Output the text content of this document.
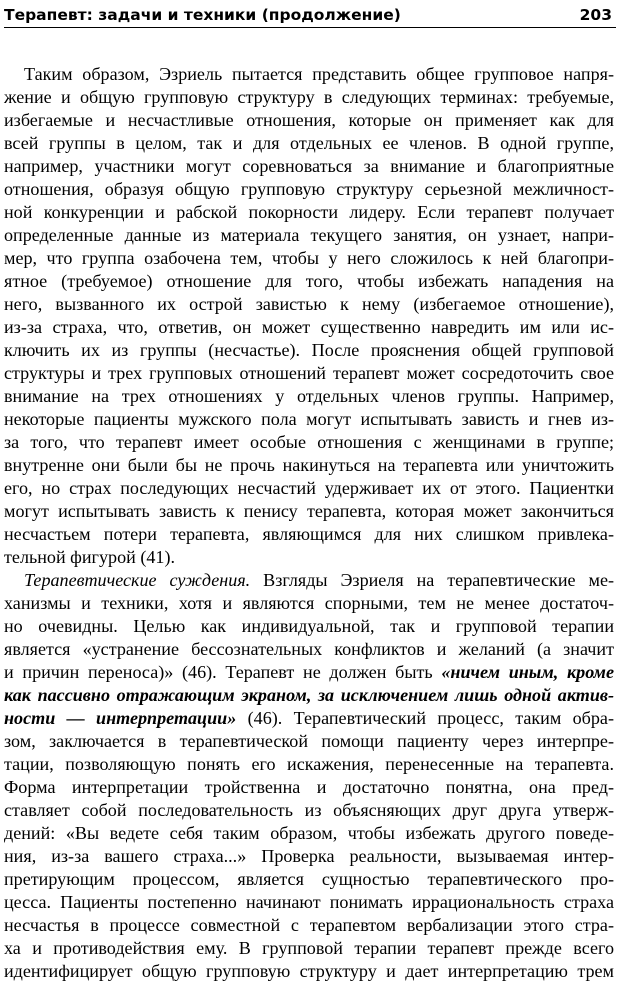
Терапевт: задачи и техники (продолжение)	203
Таким образом, Эзриель пытается представить общее групповое напря-
жение и общую групповую структуру в следующих терминах: требуемые,
избегаемые и несчастливые отношения, которые он применяет как для
всей группы в целом, так и для отдельных ее членов. В одной группе,
например, участники могут соревноваться за внимание и благоприятные
отношения, образуя общую групповую структуру серьезной межличност-
ной конкуренции и рабской покорности лидеру. Если терапевт получает
определенные данные из материала текущего занятия, он узнает, напри-
мер, что группа озабочена тем, чтобы у него сложилось к ней благопри-
ятное (требуемое) отношение для того, чтобы избежать нападения на
него, вызванного их острой завистью к нему (избегаемое отношение),
из-за страха, что, ответив, он может существенно навредить им или ис-
ключить их из группы (несчастье). После прояснения общей групповой
структуры и трех групповых отношений терапевт может сосредоточить свое
внимание на трех отношениях у отдельных членов группы. Например,
некоторые пациенты мужского пола могут испытывать зависть и гнев из-
за того, что терапевт имеет особые отношения с женщинами в группе;
внутренне они были бы не прочь накинуться на терапевта или уничтожить
его, но страх последующих несчастий удерживает их от этого. Пациентки
могут испытывать зависть к пенису терапевта, которая может закончиться
несчастьем потери терапевта, являющимся для них слишком привлека-
тельной фигурой (41).
Терапевтические суждения. Взгляды Эзриеля на терапевтические ме-
ханизмы и техники, хотя и являются спорными, тем не менее достаточ-
но очевидны. Целью как индивидуальной, так и групповой терапии
является «устранение бессознательных конфликтов и желаний (а значит
и причин переноса)» (46). Терапевт не должен быть «ничем иным, кроме
как пассивно отражающим экраном, за исключением лишь одной актив-
ности — интерпретации» (46). Терапевтический процесс, таким обра-
зом, заключается в терапевтической помощи пациенту через интерпре-
тации, позволяющую понять его искажения, перенесенные на терапевта.
Форма интерпретации тройственна и достаточно понятна, она пред-
ставляет собой последовательность из объясняющих друг друга утверж-
дений: «Вы ведете себя таким образом, чтобы избежать другого поведе-
ния, из-за вашего страха...» Проверка реальности, вызываемая интер-
претирующим процессом, является сущностью терапевтического про-
цесса. Пациенты постепенно начинают понимать иррациональность страха
несчастья в процессе совместной с терапевтом вербализации этого стра-
ха и противодействия ему. В групповой терапии терапевт прежде всего
идентифицирует общую групповую структуру и дает интерпретацию трем
